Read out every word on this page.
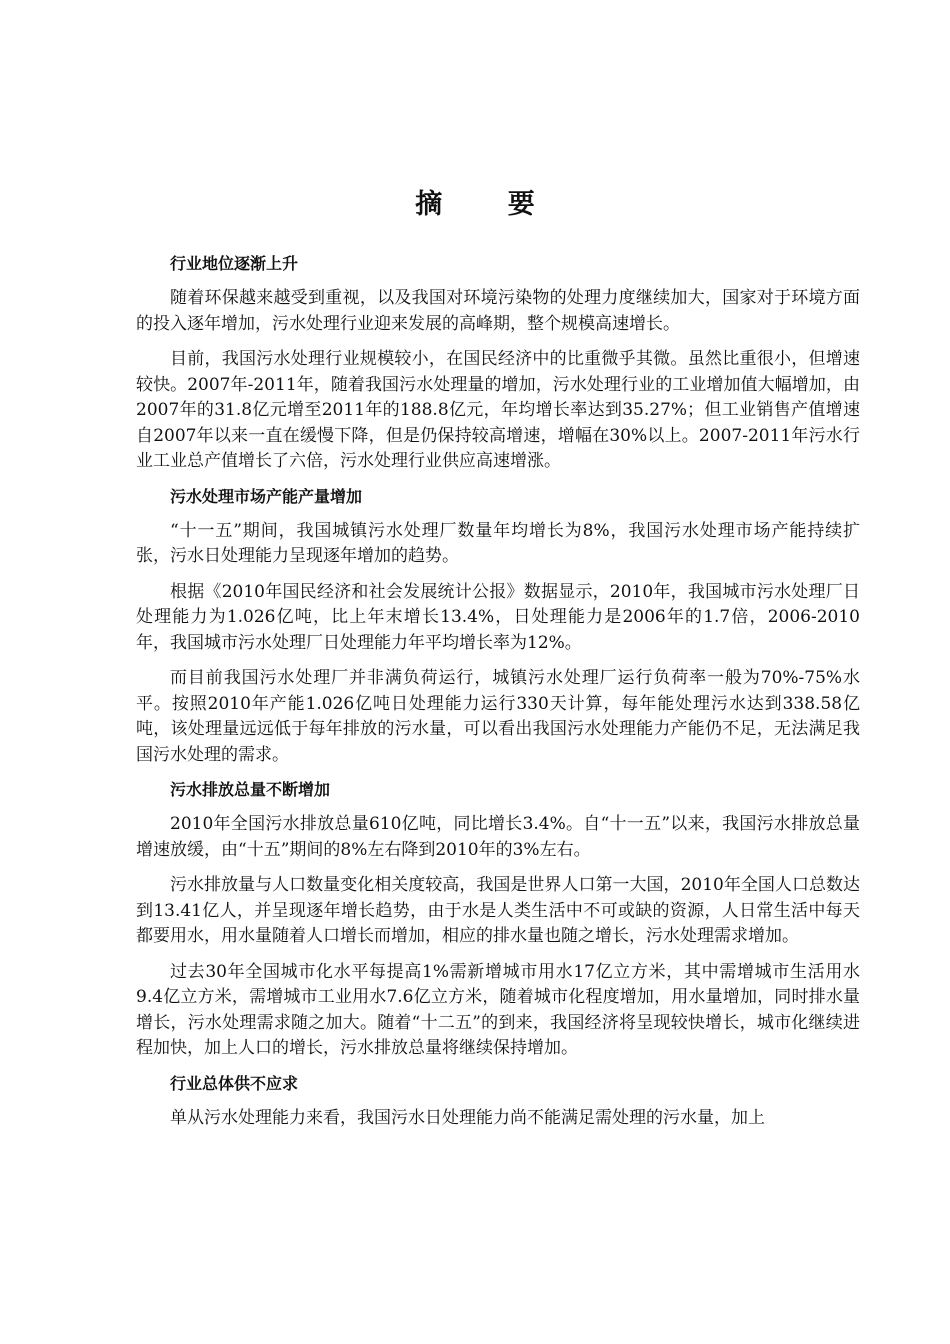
摘 要
行业地位逐渐上升

随着环保越来越受到重视，以及我国对环境污染物的处理力度继续加大，国家对于环境方面的投入逐年增加，污水处理行业迎来发展的高峰期，整个规模高速增长。

目前，我国污水处理行业规模较小，在国民经济中的比重微乎其微。虽然比重很小，但增速较快。2007年-2011年，随着我国污水处理量的增加，污水处理行业的工业增加值大幅增加，由2007年的31.8亿元增至2011年的188.8亿元，年均增长率达到35.27%；但工业销售产值增速自2007年以来一直在缓慢下降，但是仍保持较高增速，增幅在30%以上。2007-2011年污水行业工业总产值增长了六倍，污水处理行业供应高速增涨。

污水处理市场产能产量增加

“十一五”期间，我国城镇污水处理厂数量年均增长为8%，我国污水处理市场产能持续扩张，污水日处理能力呈现逐年增加的趋势。

根据《2010年国民经济和社会发展统计公报》数据显示，2010年，我国城市污水处理厂日处理能力为1.026亿吨，比上年末增长13.4%，日处理能力是2006年的1.7倍，2006-2010年，我国城市污水处理厂日处理能力年平均增长率为12%。

而目前我国污水处理厂并非满负荷运行，城镇污水处理厂运行负荷率一般为70%-75%水平。按照2010年产能1.026亿吨日处理能力运行330天计算，每年能处理污水达到338.58亿吨，该处理量远远低于每年排放的污水量，可以看出我国污水处理能力产能仍不足，无法满足我国污水处理的需求。

污水排放总量不断增加

2010年全国污水排放总量610亿吨，同比增长3.4%。自“十一五”以来，我国污水排放总量增速放缓，由“十五”期间的8%左右降到2010年的3%左右。

污水排放量与人口数量变化相关度较高，我国是世界人口第一大国，2010年全国人口总数达到13.41亿人，并呈现逐年增长趋势，由于水是人类生活中不可或缺的资源，人日常生活中每天都要用水，用水量随着人口增长而增加，相应的排水量也随之增长，污水处理需求增加。

过去30年全国城市化水平每提高1%需新增城市用水17亿立方米，其中需增城市生活用水9.4亿立方米，需增城市工业用水7.6亿立方米，随着城市化程度增加，用水量增加，同时排水量增长，污水处理需求随之加大。随着“十二五”的到来，我国经济将呈现较快增长，城市化继续进程加快，加上人口的增长，污水排放总量将继续保持增加。

行业总体供不应求

单从污水处理能力来看，我国污水日处理能力尚不能满足需处理的污水量，加上
